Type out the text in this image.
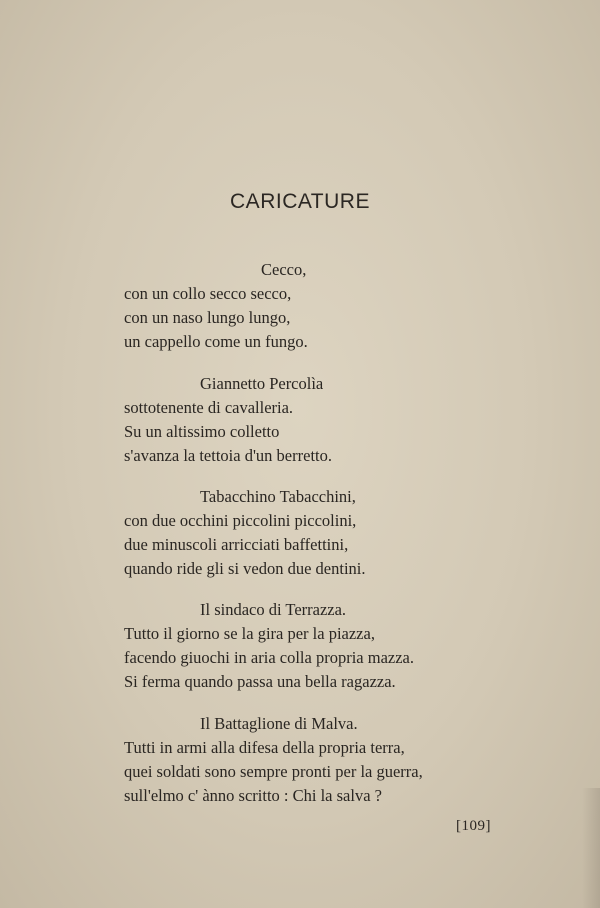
CARICATURE
Cecco,
con un collo secco secco,
con un naso lungo lungo,
un cappello come un fungo.
Giannetto Percolìa
sottotenente di cavalleria.
Su un altissimo colletto
s'avanza la tettoia d'un berretto.
Tabacchino Tabacchini,
con due occhini piccolini piccolini,
due minuscoli arricciati baffettini,
quando ride gli si vedon due dentini.
Il sindaco di Terrazza.
Tutto il giorno se la gira per la piazza,
facendo giuochi in aria colla propria mazza.
Si ferma quando passa una bella ragazza.
Il Battaglione di Malva.
Tutti in armi alla difesa della propria terra,
quei soldati sono sempre pronti per la guerra,
sull'elmo c' ànno scritto : Chi la salva ?
[109]
